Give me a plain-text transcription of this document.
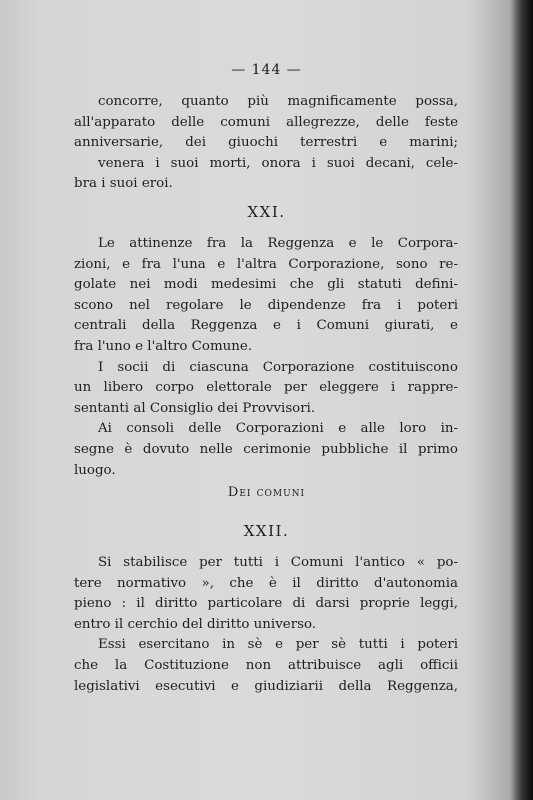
— 144 —
concorre, quanto più magnificamente possa,
all'apparato delle comuni allegrezze, delle feste
anniversarie, dei giuochi terrestri e marini;
venera i suoi morti, onora i suoi decani, cele-
bra i suoi eroi.
XXI.
Le attinenze fra la Reggenza e le Corpora-
zioni, e fra l'una e l'altra Corporazione, sono re-
golate nei modi medesimi che gli statuti defini-
scono nel regolare le dipendenze fra i poteri
centrali della Reggenza e i Comuni giurati, e
fra l'uno e l'altro Comune.
I socii di ciascuna Corporazione costituiscono
un libero corpo elettorale per eleggere i rappre-
sentanti al Consiglio dei Provvisori.
Ai consoli delle Corporazioni e alle loro in-
segne è dovuto nelle cerimonie pubbliche il primo
luogo.
Dei comuni
XXII.
Si stabilisce per tutti i Comuni l'antico « po-
tere normativo », che è il diritto d'autonomia
pieno : il diritto particolare di darsi proprie leggi,
entro il cerchio del diritto universo.
Essi esercitano in sè e per sè tutti i poteri
che la Costituzione non attribuisce agli officii
legislativi esecutivi e giudiziarii della Reggenza,
